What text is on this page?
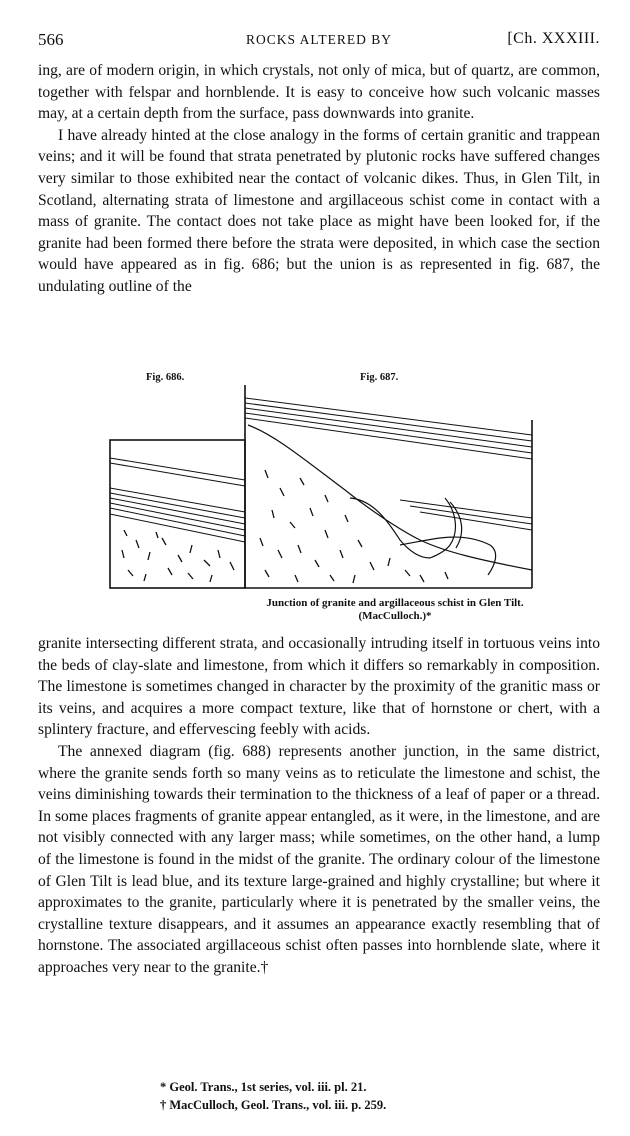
566	ROCKS ALTERED BY	[Ch. XXXIII.

ing, are of modern origin, in which crystals, not only of mica, but of quartz, are common, together with felspar and hornblende. It is easy to conceive how such volcanic masses may, at a certain depth from the surface, pass downwards into granite.

I have already hinted at the close analogy in the forms of certain granitic and trappean veins; and it will be found that strata penetrated by plutonic rocks have suffered changes very similar to those exhibited near the contact of volcanic dikes. Thus, in Glen Tilt, in Scotland, alternating strata of limestone and argillaceous schist come in contact with a mass of granite. The contact does not take place as might have been looked for, if the granite had been formed there before the strata were deposited, in which case the section would have appeared as in fig. 686; but the union is as represented in fig. 687, the undulating outline of the

Fig. 686.	Fig. 687.
Junction of granite and argillaceous schist in Glen Tilt. (MacCulloch.)*

granite intersecting different strata, and occasionally intruding itself in tortuous veins into the beds of clay-slate and limestone, from which it differs so remarkably in composition. The limestone is sometimes changed in character by the proximity of the granitic mass or its veins, and acquires a more compact texture, like that of hornstone or chert, with a splintery fracture, and effervescing feebly with acids.

The annexed diagram (fig. 688) represents another junction, in the same district, where the granite sends forth so many veins as to reticulate the limestone and schist, the veins diminishing towards their termination to the thickness of a leaf of paper or a thread. In some places fragments of granite appear entangled, as it were, in the limestone, and are not visibly connected with any larger mass; while sometimes, on the other hand, a lump of the limestone is found in the midst of the granite. The ordinary colour of the limestone of Glen Tilt is lead blue, and its texture large-grained and highly crystalline; but where it approximates to the granite, particularly where it is penetrated by the smaller veins, the crystalline texture disappears, and it assumes an appearance exactly resembling that of hornstone. The associated argillaceous schist often passes into hornblende slate, where it approaches very near to the granite.†

* Geol. Trans., 1st series, vol. iii. pl. 21.
† MacCulloch, Geol. Trans., vol. iii. p. 259.
